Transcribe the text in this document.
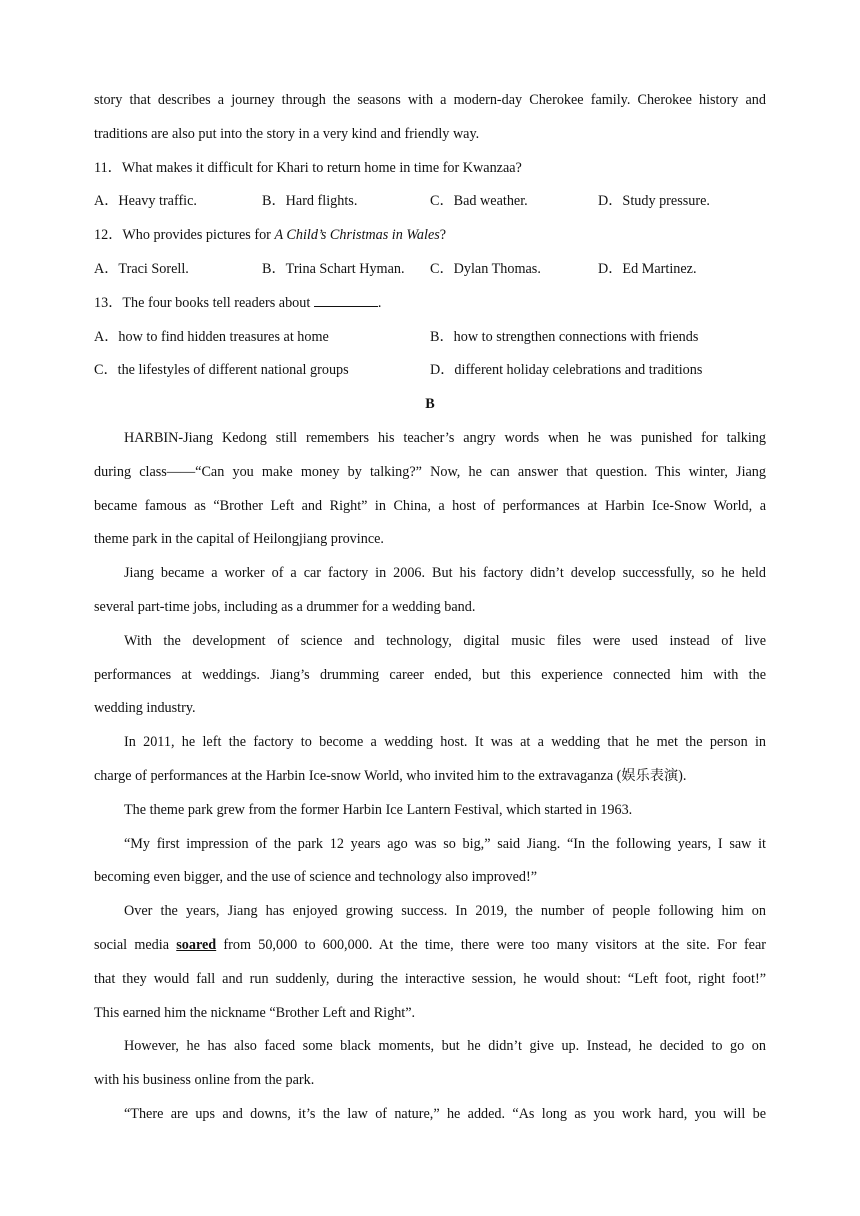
story that describes a journey through the seasons with a modern-day Cherokee family. Cherokee history and
traditions are also put into the story in a very kind and friendly way.
11．What makes it difficult for Khari to return home in time for Kwanzaa?
A．Heavy traffic.	B．Hard flights.	C．Bad weather.	D．Study pressure.
12．Who provides pictures for A Child’s Christmas in Wales?
A．Traci Sorell.	B．Trina Schart Hyman.	C．Dylan Thomas.	D．Ed Martinez.
13．The four books tell readers about	.
A．how to find hidden treasures at home	B．how to strengthen connections with friends
C．the lifestyles of different national groups	D．different holiday celebrations and traditions
B
HARBIN-Jiang Kedong still remembers his teacher’s angry words when he was punished for talking
during class——“Can you make money by talking?” Now, he can answer that question. This winter, Jiang
became famous as “Brother Left and Right” in China, a host of performances at Harbin Ice-Snow World, a
theme park in the capital of Heilongjiang province.
Jiang became a worker of a car factory in 2006. But his factory didn’t develop successfully, so he held
several part-time jobs, including as a drummer for a wedding band.
With the development of science and technology, digital music files were used instead of live
performances at weddings. Jiang’s drumming career ended, but this experience connected him with the
wedding industry.
In 2011, he left the factory to become a wedding host. It was at a wedding that he met the person in
charge of performances at the Harbin Ice-snow World, who invited him to the extravaganza (娱乐表演).
The theme park grew from the former Harbin Ice Lantern Festival, which started in 1963.
“My first impression of the park 12 years ago was so big,” said Jiang. “In the following years, I saw it
becoming even bigger, and the use of science and technology also improved!”
Over the years, Jiang has enjoyed growing success. In 2019, the number of people following him on
social media soared from 50,000 to 600,000. At the time, there were too many visitors at the site. For fear
that they would fall and run suddenly, during the interactive session, he would shout: “Left foot, right foot!”
This earned him the nickname “Brother Left and Right”.
However, he has also faced some black moments, but he didn’t give up. Instead, he decided to go on
with his business online from the park.
“There are ups and downs, it’s the law of nature,” he added. “As long as you work hard, you will be
